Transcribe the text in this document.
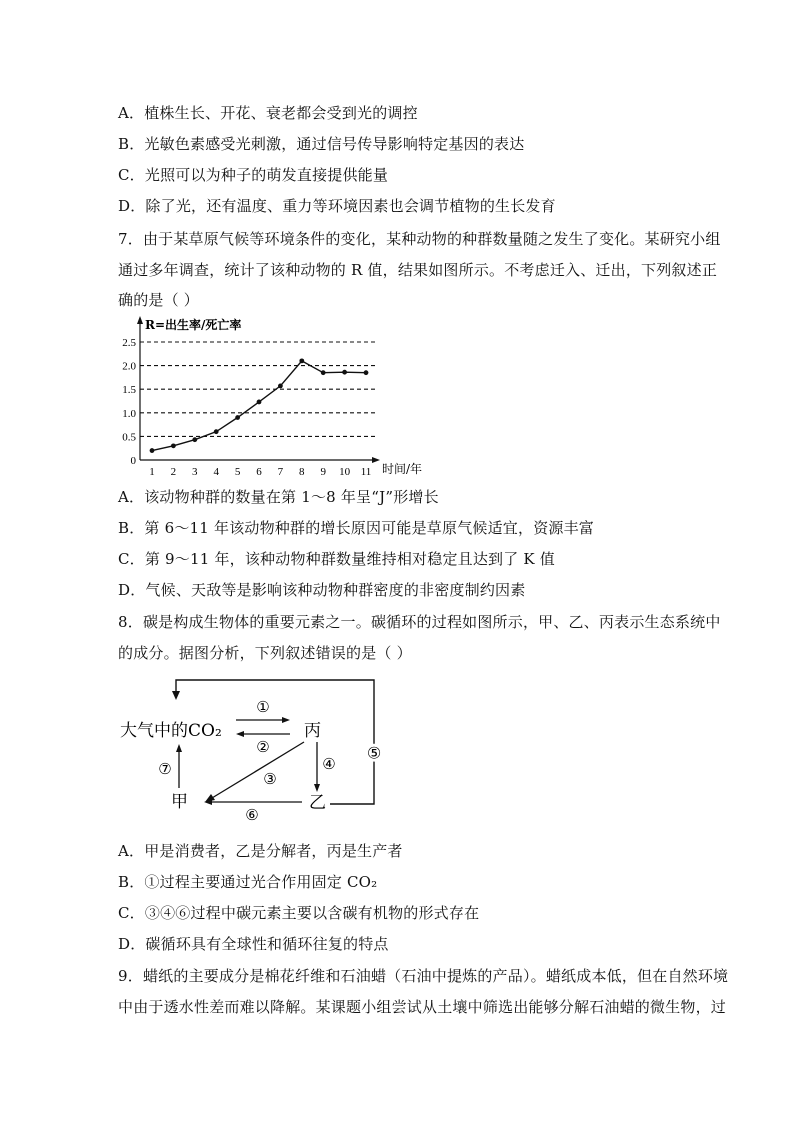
A．植株生长、开花、衰老都会受到光的调控
B．光敏色素感受光刺激，通过信号传导影响特定基因的表达
C．光照可以为种子的萌发直接提供能量
D．除了光，还有温度、重力等环境因素也会调节植物的生长发育
7．由于某草原气候等环境条件的变化，某种动物的种群数量随之发生了变化。某研究小组
通过多年调查，统计了该种动物的 R 值，结果如图所示。不考虑迁入、迁出，下列叙述正
确的是（ ）
R=出生率/死亡率
时间/年
0
0.5
1.0
1.5
2.0
2.5
1 2 3 4 5 6 7 8 9 10 11
A．该动物种群的数量在第 1～8 年呈“J”形增长
B．第 6～11 年该动物种群的增长原因可能是草原气候适宜，资源丰富
C．第 9～11 年，该种动物种群数量维持相对稳定且达到了 K 值
D．气候、天敌等是影响该种动物种群密度的非密度制约因素
8．碳是构成生物体的重要元素之一。碳循环的过程如图所示，甲、乙、丙表示生态系统中
的成分。据图分析，下列叙述错误的是（ ）
⑤
大气中的CO₂	丙
甲	乙
①
②
③
④
⑥
⑦
A．甲是消费者，乙是分解者，丙是生产者
B．①过程主要通过光合作用固定 CO₂
C．③④⑥过程中碳元素主要以含碳有机物的形式存在
D．碳循环具有全球性和循环往复的特点
9．蜡纸的主要成分是棉花纤维和石油蜡（石油中提炼的产品）。蜡纸成本低，但在自然环境
中由于透水性差而难以降解。某课题小组尝试从土壤中筛选出能够分解石油蜡的微生物，过
